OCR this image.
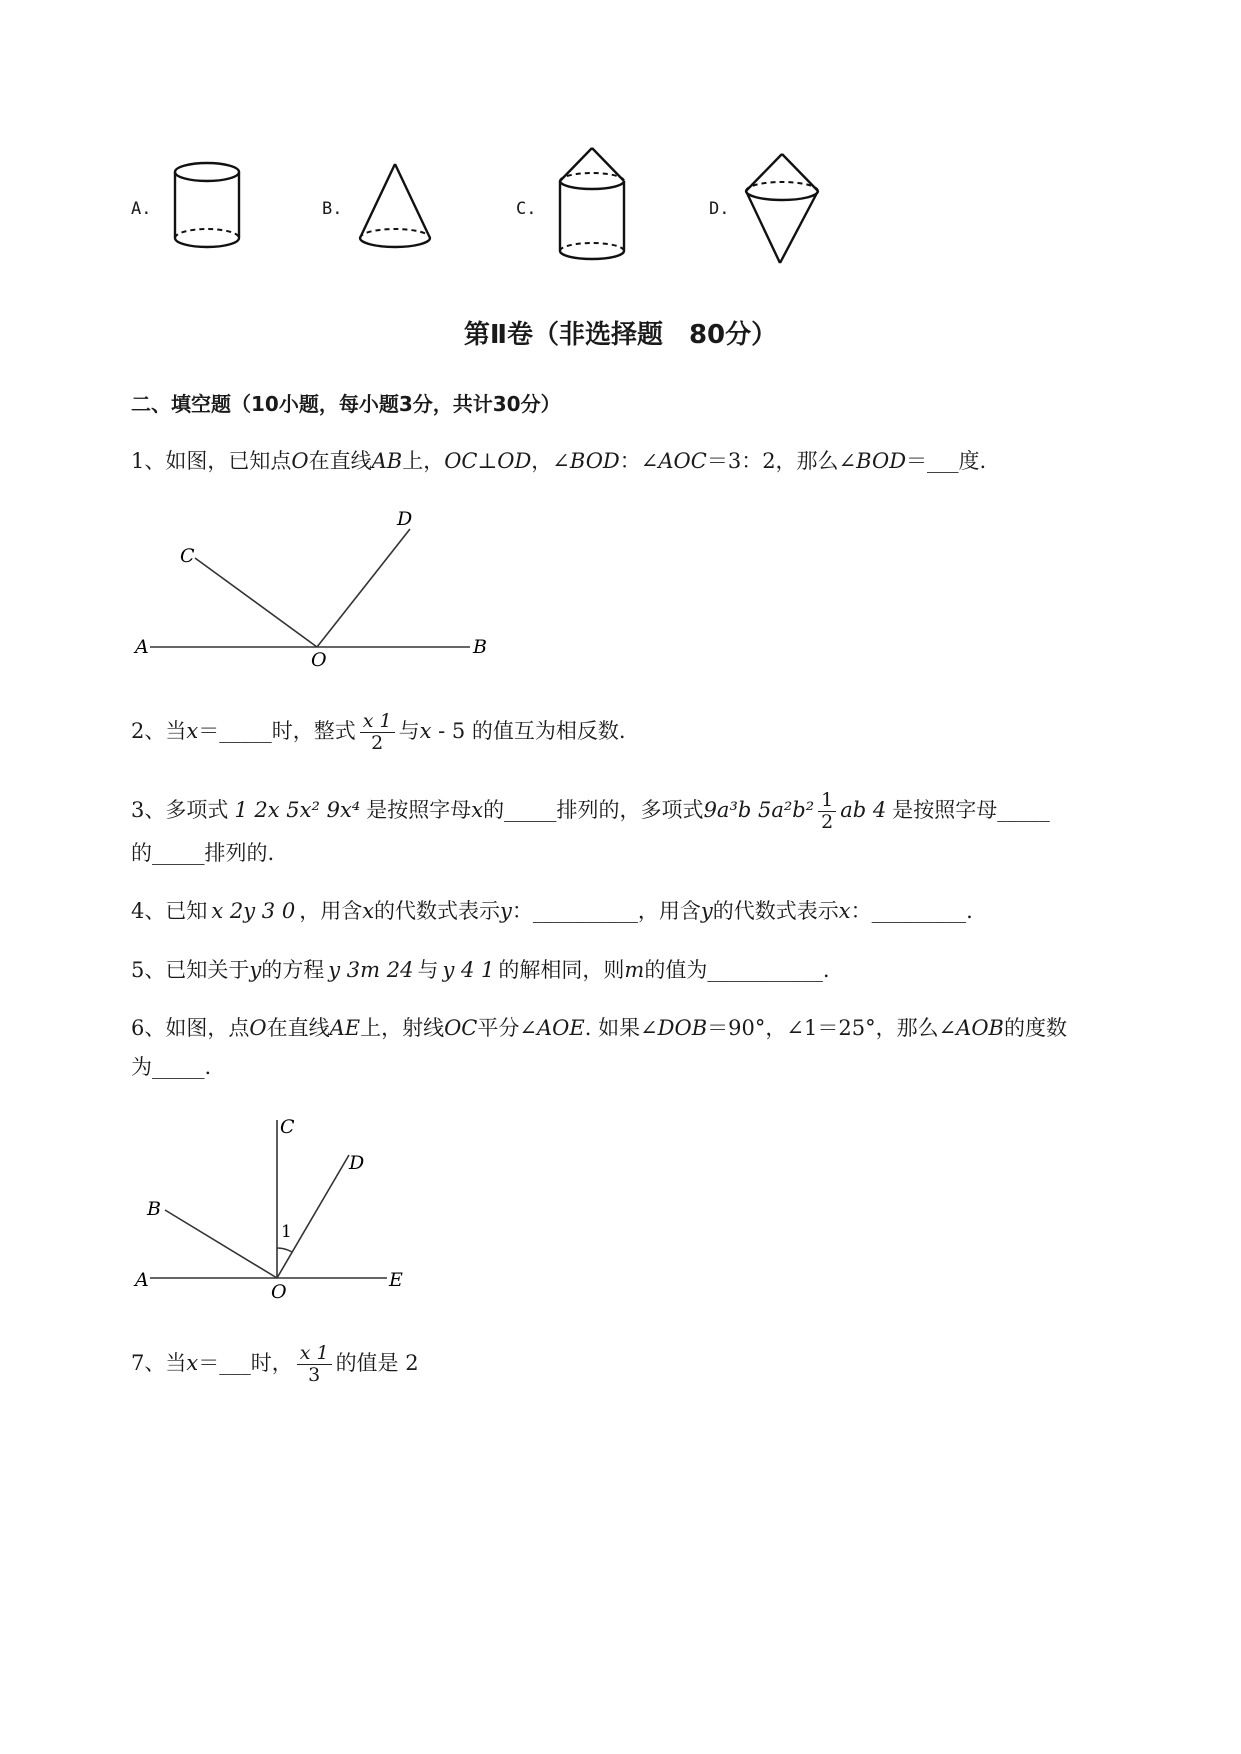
A.	B.	C.	D.
第Ⅱ卷（非选择题　80分）
二、填空题（10小题，每小题3分，共计30分）
1、如图，已知点O在直线AB上，OC⊥OD，∠BOD：∠AOC＝3：2，那么∠BOD＝___度.
A	B
C
D
O
2、当x＝_____时，整式 $\frac{x 1}{2}$ 与x - 5 的值互为相反数.
3、多项式 1 2x 5x² 9x⁴ 是按照字母x的_____排列的，多项式9a³b $5a^2b^2 \frac{1}{2}$ ab 4 是按照字母_____
的_____排列的.
4、已知 x 2y 3 0 ，用含x的代数式表示y：__________，用含y的代数式表示x：_________.
5、已知关于y的方程 y 3m 24 与 y 4 1 的解相同，则m的值为___________.
6、如图，点O在直线AE上，射线OC平分∠AOE. 如果∠DOB＝90°，∠1＝25°，那么∠AOB的度数
为_____.
A	E
C
D
B
O
1
7、当x＝___时， $\frac{x 1}{3}$ 的值是 2
